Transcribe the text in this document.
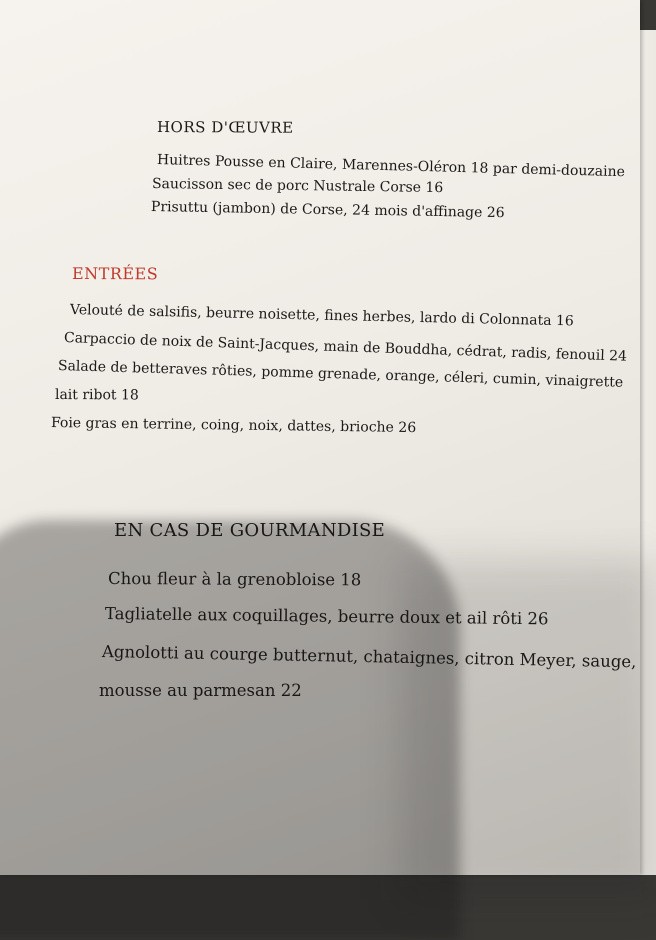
HORS D'ŒUVRE
Huitres Pousse en Claire, Marennes-Oléron 18 par demi-douzaine
Saucisson sec de porc Nustrale Corse 16
Prisuttu (jambon) de Corse, 24 mois d'affinage 26
ENTRÉES
Velouté de salsifis, beurre noisette, fines herbes, lardo di Colonnata 16
Carpaccio de noix de Saint-Jacques, main de Bouddha, cédrat, radis, fenouil 24
Salade de betteraves rôties, pomme grenade, orange, céleri, cumin, vinaigrette
lait ribot 18
Foie gras en terrine, coing, noix, dattes, brioche 26
EN CAS DE GOURMANDISE
Chou fleur à la grenobloise 18
Tagliatelle aux coquillages, beurre doux et ail rôti 26
Agnolotti au courge butternut, chataignes, citron Meyer, sauge,
mousse au parmesan 22
